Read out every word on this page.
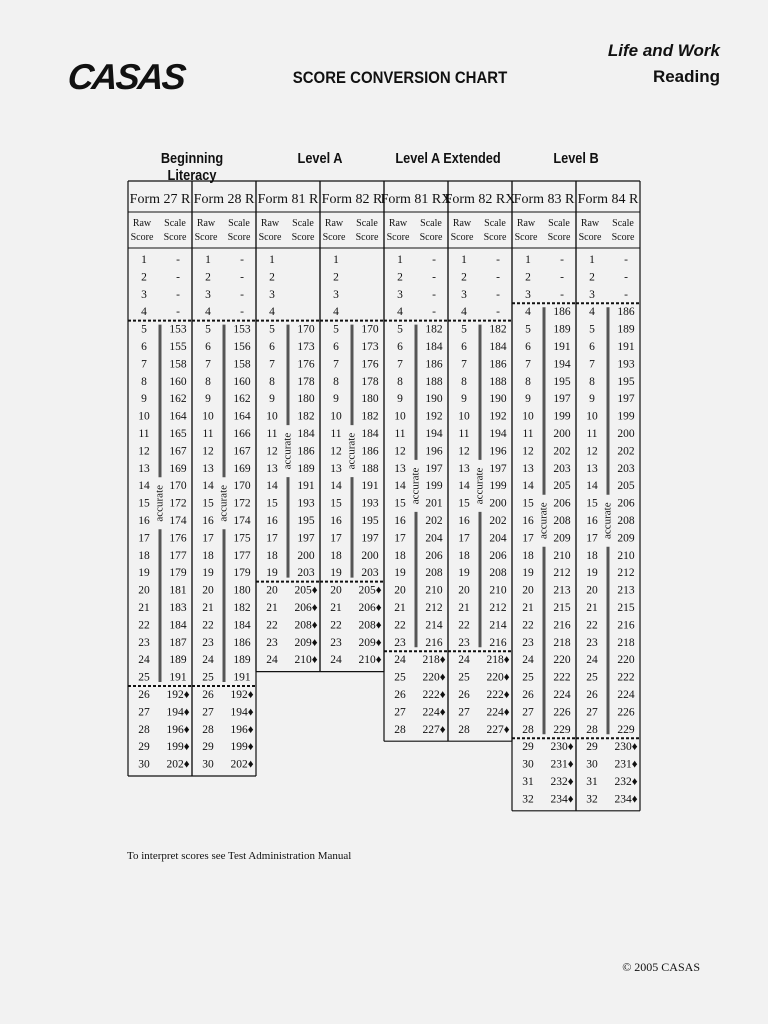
CASAS	SCORE CONVERSION CHART
Life and Work
Reading
Beginning Literacy
Level A	Level A Extended	Level B
Form 27 R
Raw Scale
Score Score
1	-
2	-
3	-
4	-
5 153
6 155
7 158
8 160
9 162
10 164
11 165
12 167
13 169
14 170
15 172
16 174
17 176
18 177
19 179
20 181
21 183
22 184
23 187
24 189
25 191
26 192♦
27 194♦
28 196♦
29 199♦
30 202♦
accurate
Form 28 R
Raw Scale
Score Score
1	-
2	-
3	-
4	-
5 153
6 156
7 158
8 160
9 162
10 164
11 166
12 167
13 169
14 170
15 172
16 174
17 175
18 177
19 179
20 180
21 182
22 184
23 186
24 189
25 191
26 192♦
27 194♦
28 196♦
29 199♦
30 202♦
accurate
Form 81 R
Raw Scale
Score Score
1
2
3
4
5 170
6 173
7 176
8 178
9 180
10 182
11 184
12 186
13 189
14 191
15 193
16 195
17 197
18 200
19 203
20 205♦
21 206♦
22 208♦
23 209♦
24 210♦
accurate
Form 82 R
Raw Scale
Score Score
1
2
3
4
5 170
6 173
7 176
8 178
9 180
10 182
11 184
12 186
13 188
14 191
15 193
16 195
17 197
18 200
19 203
20 205♦
21 206♦
22 208♦
23 209♦
24 210♦
accurate
Form 81 RX
Raw Scale
Score Score
1	-
2	-
3	-
4	-
5 182
6 184
7 186
8 188
9 190
10 192
11 194
12 196
13 197
14 199
15 201
16 202
17 204
18 206
19 208
20 210
21 212
22 214
23 216
24 218♦
25 220♦
26 222♦
27 224♦
28 227♦
accurate
Form 82 RX
Raw Scale
Score Score
1	-
2	-
3	-
4	-
5 182
6 184
7 186
8 188
9 190
10 192
11 194
12 196
13 197
14 199
15 200
16 202
17 204
18 206
19 208
20 210
21 212
22 214
23 216
24 218♦
25 220♦
26 222♦
27 224♦
28 227♦
accurate
Form 83 R
Raw Scale
Score Score
1	-
2	-
3	-
4 186
5 189
6 191
7 194
8 195
9 197
10 199
11 200
12 202
13 203
14 205
15 206
16 208
17 209
18 210
19 212
20 213
21 215
22 216
23 218
24 220
25 222
26 224
27 226
28 229
29 230♦
30 231♦
31 232♦
32 234♦
accurate
Form 84 R
Raw Scale
Score Score
1	-
2	-
3	-
4 186
5 189
6 191
7 193
8 195
9 197
10 199
11 200
12 202
13 203
14 205
15 206
16 208
17 209
18 210
19 212
20 213
21 215
22 216
23 218
24 220
25 222
26 224
27 226
28 229
29 230♦
30 231♦
31 232♦
32 234♦
accurate
To interpret scores see Test Administration Manual
© 2005 CASAS
